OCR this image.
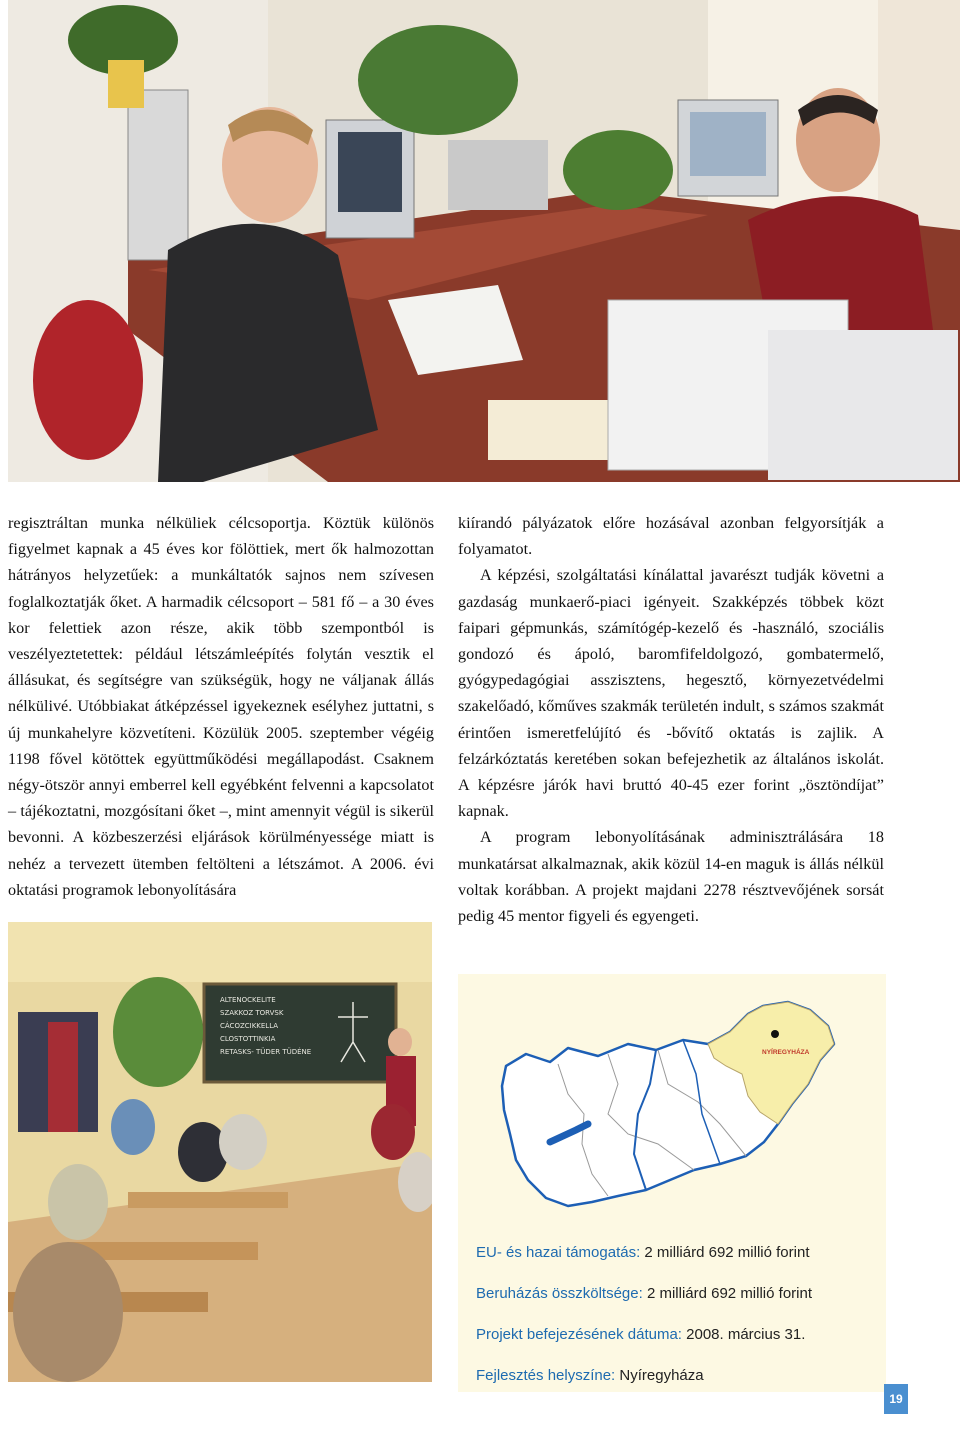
regisztráltan munka nélküliek célcsoportja. Köztük különös figyelmet kapnak a 45 éves kor fölöttiek, mert ők halmozottan hátrányos helyzetűek: a munkáltatók sajnos nem szívesen foglalkoztatják őket. A harmadik célcsoport – 581 fő – a 30 éves kor felettiek azon része, akik több szempontból is veszélyeztetettek: például létszámleépítés folytán vesztik el állásukat, és segítségre van szükségük, hogy ne váljanak állás nélkülivé. Utóbbiakat átképzéssel igyekeznek esélyhez juttatni, s új munkahelyre közvetíteni. Közülük 2005. szeptember végéig 1198 fővel kötöttek együttműködési megállapodást. Csaknem négy-ötször annyi emberrel kell egyébként felvenni a kapcsolatot – tájékoztatni, mozgósítani őket –, mint amennyit végül is sikerül bevonni. A közbeszerzési eljárások körülményessége miatt is nehéz a tervezett ütemben feltölteni a létszámot. A 2006. évi oktatási programok lebonyolítására

kiírandó pályázatok előre hozásával azonban felgyorsítják a folyamatot.

A képzési, szolgáltatási kínálattal javarészt tudják követni a gazdaság munkaerő-piaci igényeit. Szakképzés többek közt faipari gépmunkás, számítógép-kezelő és -használó, szociális gondozó és ápoló, baromfifeldolgozó, gombatermelő, gyógypedagógiai asszisztens, hegesztő, környezetvédelmi szakelőadó, kőműves szakmák területén indult, s számos szakmát érintően ismeretfelújító és -bővítő oktatás is zajlik. A felzárkóztatás keretében sokan befejezhetik az általános iskolát. A képzésre járók havi bruttó 40-45 ezer forint „ösztöndíjat” kapnak.

A program lebonyolításának adminisztrálására 18 munkatársat alkalmaznak, akik közül 14-en maguk is állás nélkül voltak korábban. A projekt majdani 2278 résztvevőjének sorsát pedig 45 mentor figyeli és egyengeti.

ALTENOCKELITE
SZAKKOZ TORVSK
CÁCOZCIKKELLA
CLOSTOTTINKIA
RETASKS- TÜDER TÜDÉNE	NYÍREGYHÁZA
EU- és hazai támogatás: 2 milliárd 692 millió forint
Beruházás összköltsége: 2 milliárd 692 millió forint
Projekt befejezésének dátuma: 2008. március 31.
Fejlesztés helyszíne: Nyíregyháza
19
